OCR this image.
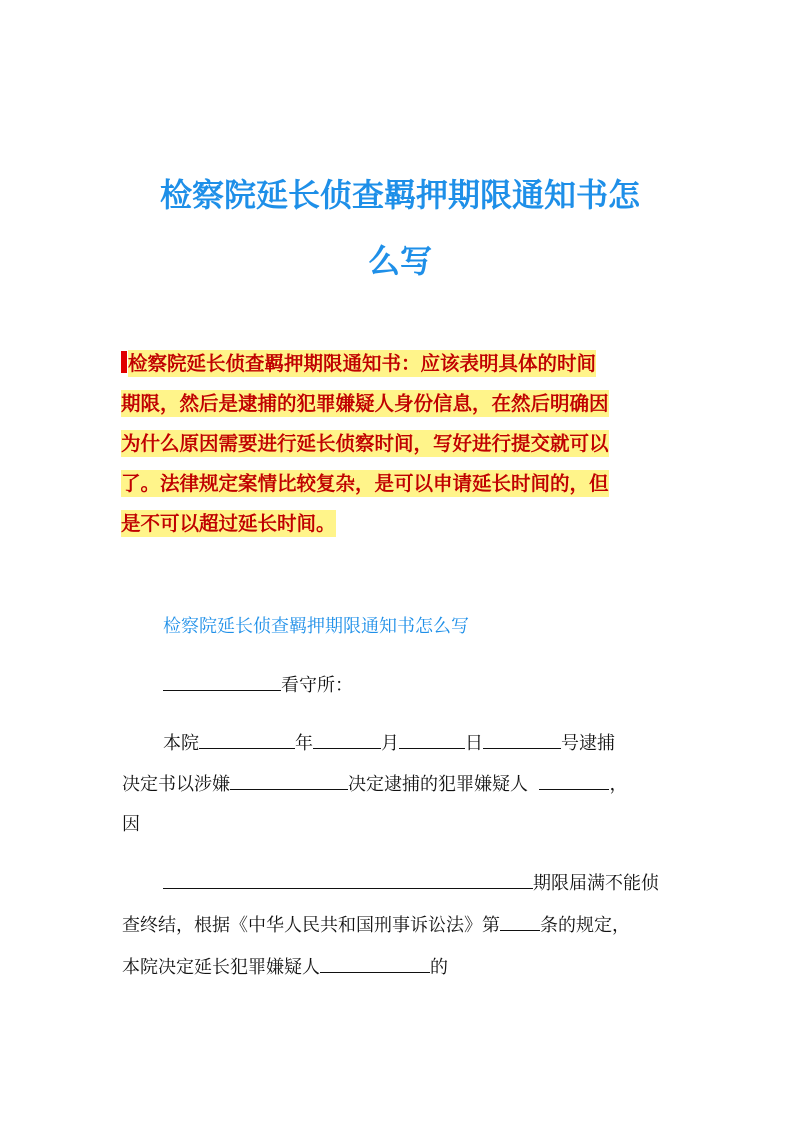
检察院延长侦查羁押期限通知书怎
么写
检察院延长侦查羁押期限通知书：应该表明具体的时间
期限，然后是逮捕的犯罪嫌疑人身份信息，在然后明确因
为什么原因需要进行延长侦察时间，写好进行提交就可以
了。法律规定案情比较复杂，是可以申请延长时间的，但
是不可以超过延长时间。
检察院延长侦查羁押期限通知书怎么写
看守所：
本院	年	月	日	号逮捕
决定书以涉嫌	决定逮捕的犯罪嫌疑人	，
因
期限届满不能侦
查终结，根据《中华人民共和国刑事诉讼法》第 条的规定，
本院决定延长犯罪嫌疑人	的
